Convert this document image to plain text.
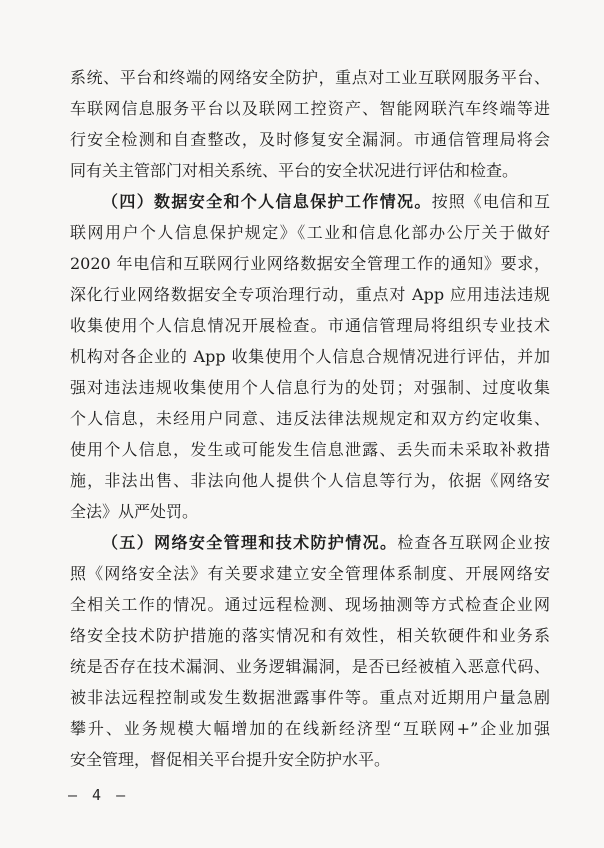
系统、平台和终端的网络安全防护，重点对工业互联网服务平台、
车联网信息服务平台以及联网工控资产、智能网联汽车终端等进
行安全检测和自查整改，及时修复安全漏洞。市通信管理局将会
同有关主管部门对相关系统、平台的安全状况进行评估和检查。
（四）数据安全和个人信息保护工作情况。按照《电信和互
联网用户个人信息保护规定》《工业和信息化部办公厅关于做好
2020 年电信和互联网行业网络数据安全管理工作的通知》要求，
深化行业网络数据安全专项治理行动，重点对 App 应用违法违规
收集使用个人信息情况开展检查。市通信管理局将组织专业技术
机构对各企业的 App 收集使用个人信息合规情况进行评估，并加
强对违法违规收集使用个人信息行为的处罚；对强制、过度收集
个人信息，未经用户同意、违反法律法规规定和双方约定收集、
使用个人信息，发生或可能发生信息泄露、丢失而未采取补救措
施，非法出售、非法向他人提供个人信息等行为，依据《网络安
全法》从严处罚。
（五）网络安全管理和技术防护情况。检查各互联网企业按
照《网络安全法》有关要求建立安全管理体系制度、开展网络安
全相关工作的情况。通过远程检测、现场抽测等方式检查企业网
络安全技术防护措施的落实情况和有效性，相关软硬件和业务系
统是否存在技术漏洞、业务逻辑漏洞，是否已经被植入恶意代码、
被非法远程控制或发生数据泄露事件等。重点对近期用户量急剧
攀升、业务规模大幅增加的在线新经济型“互联网+”企业加强
安全管理，督促相关平台提升安全防护水平。
– 4 –
